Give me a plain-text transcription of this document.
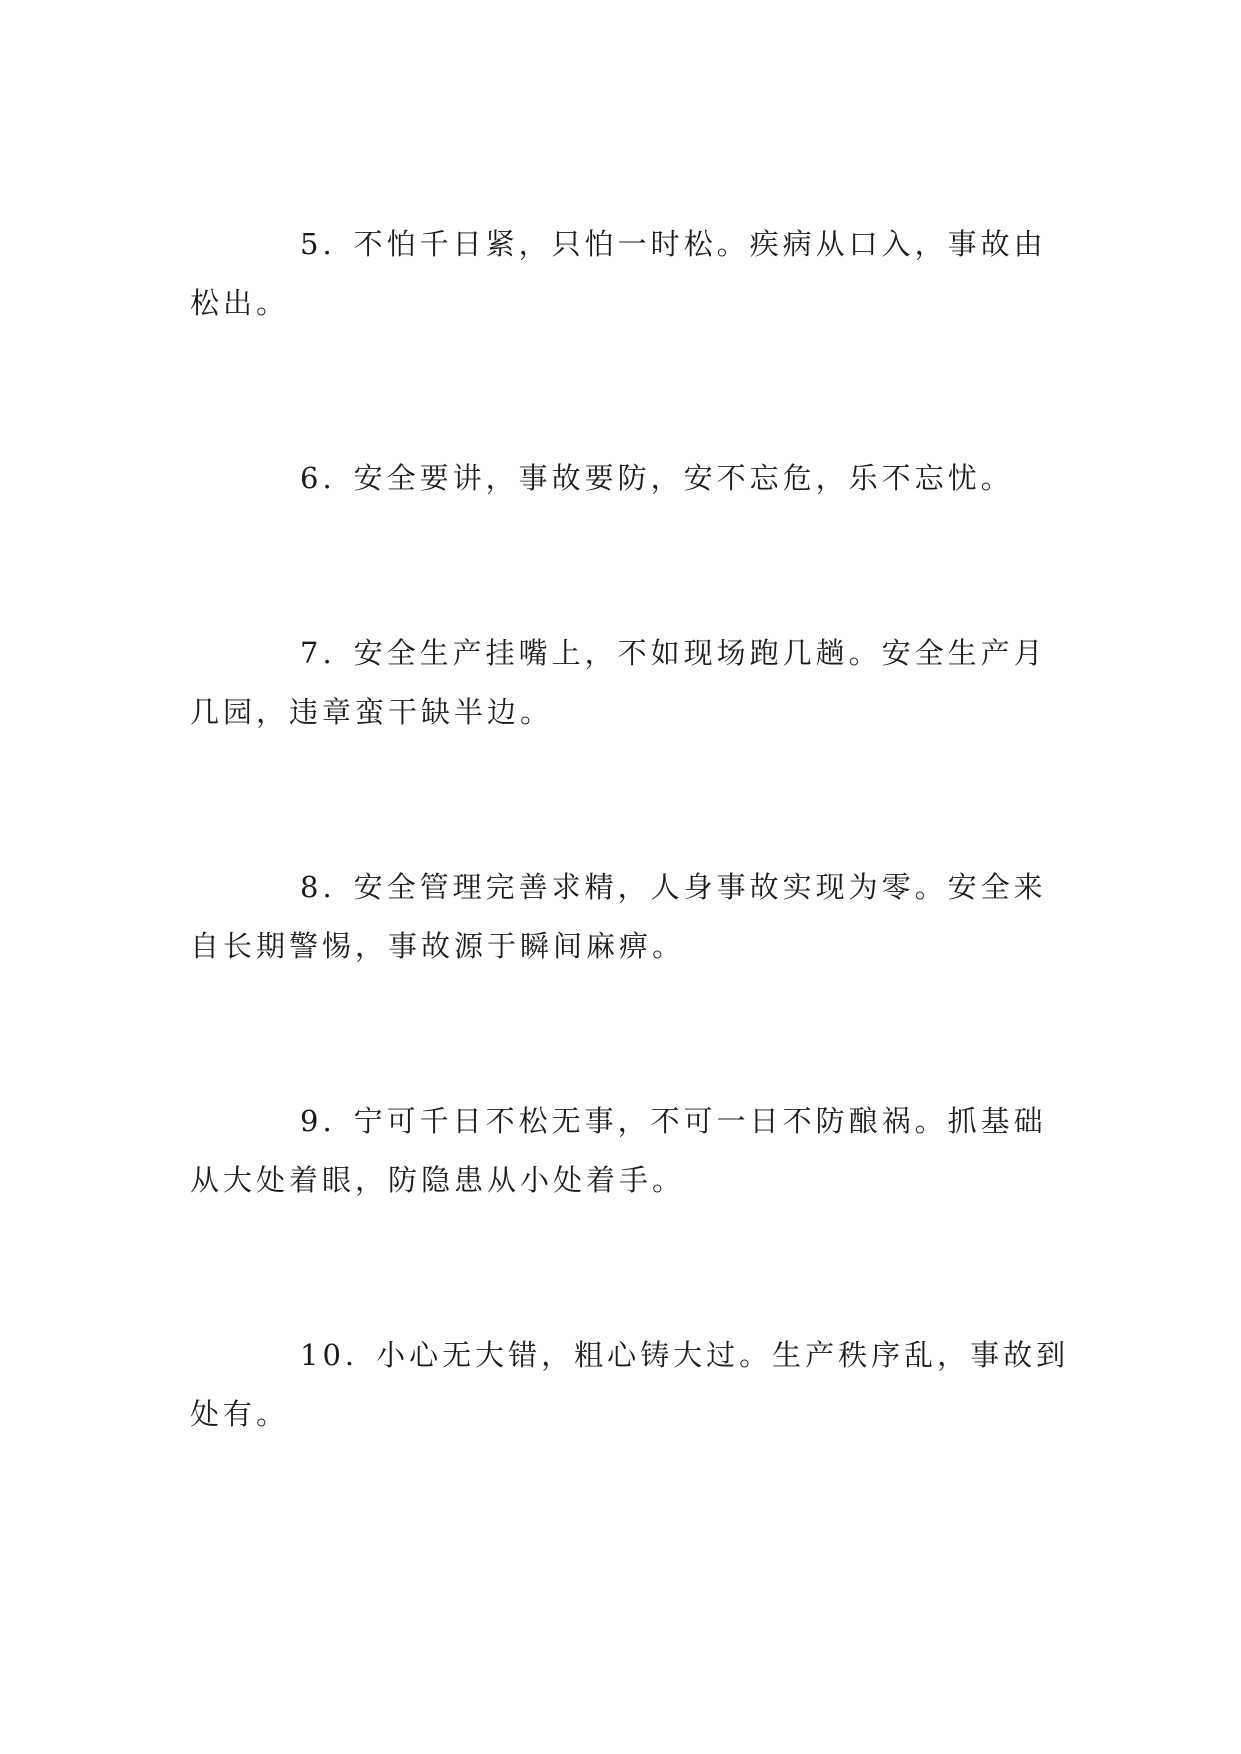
5. 不怕千日紧，只怕一时松。疾病从口入，事故由
松出。
6. 安全要讲，事故要防，安不忘危，乐不忘忧。
7. 安全生产挂嘴上，不如现场跑几趟。安全生产月
几园，违章蛮干缺半边。
8. 安全管理完善求精，人身事故实现为零。安全来
自长期警惕，事故源于瞬间麻痹。
9. 宁可千日不松无事，不可一日不防酿祸。抓基础
从大处着眼，防隐患从小处着手。
10. 小心无大错，粗心铸大过。生产秩序乱，事故到
处有。
